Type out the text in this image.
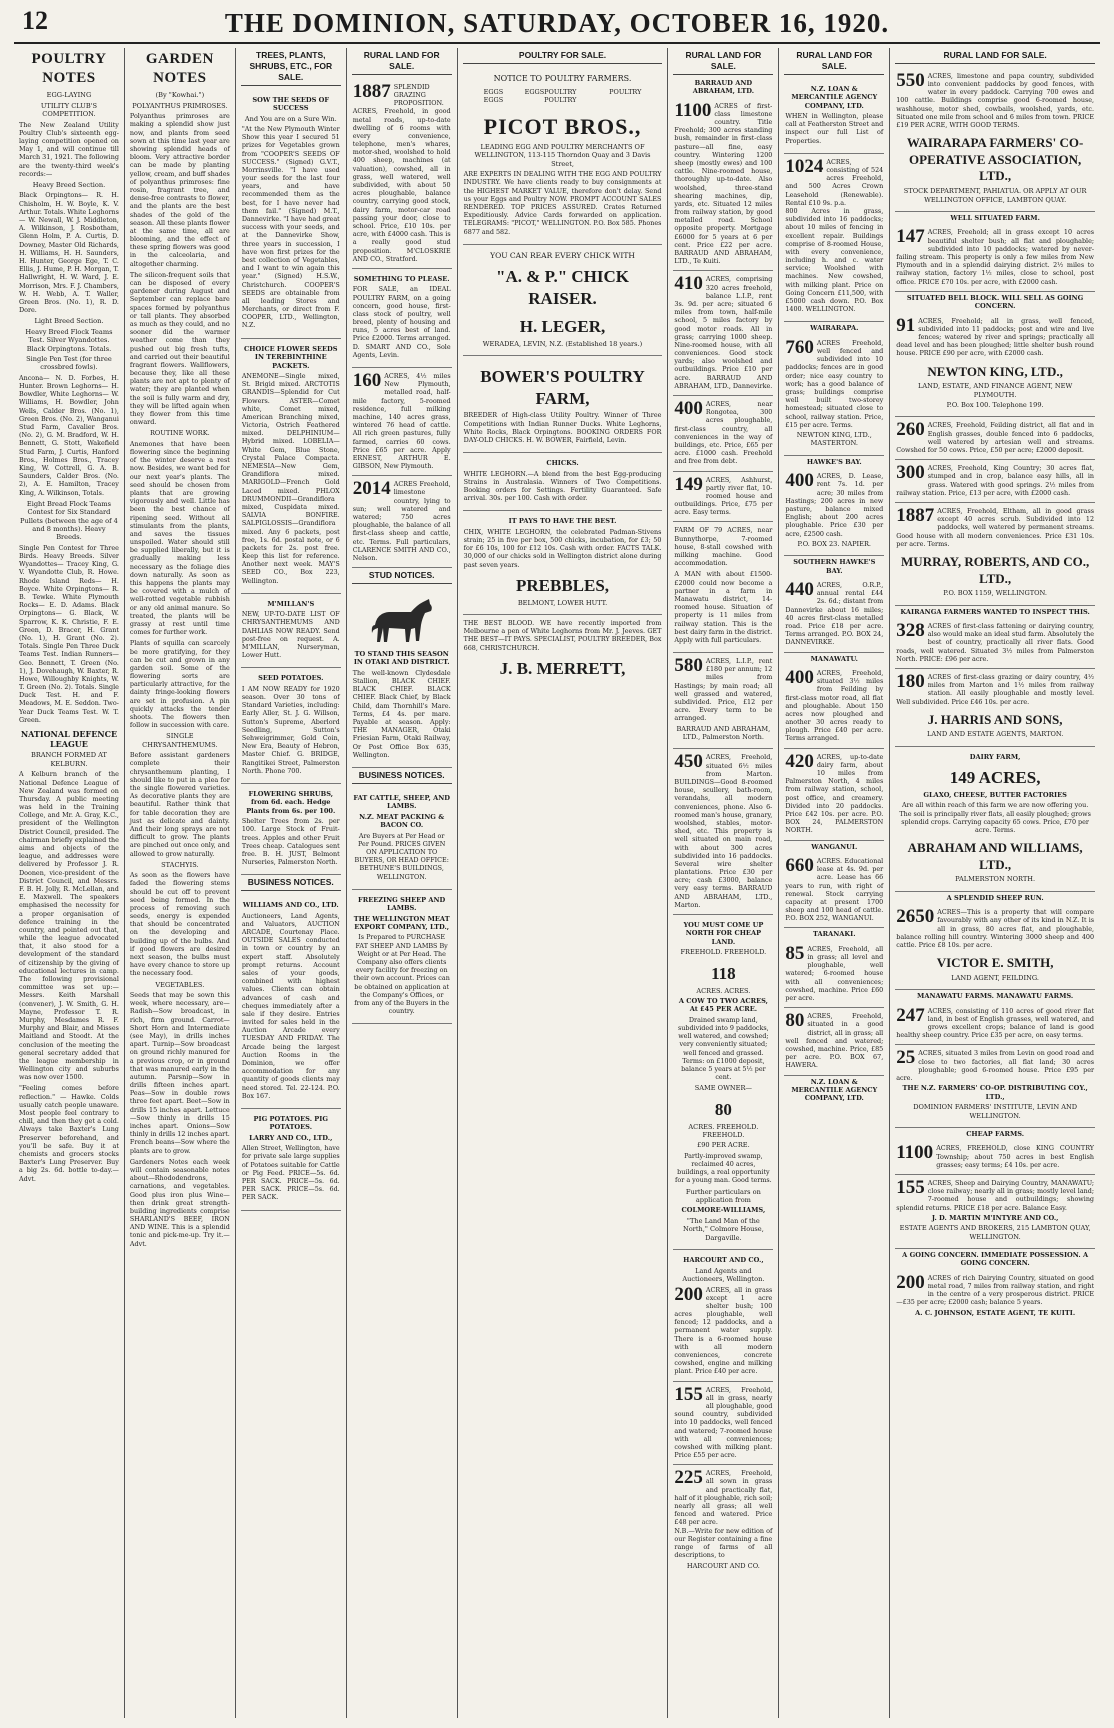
12	THE DOMINION, SATURDAY, OCTOBER 16, 1920.
POULTRY NOTES
EGG-LAYING
UTILITY CLUB'S COMPETITION.

The New Zealand Utility Poultry Club's sixteenth egg-laying competition opened on May 1, and will continue till March 31, 1921. The following are the twenty-third week's records:—

Heavy Breed Section.

Black Orpingtons— R. H. Chisholm, H. W. Boyle, K. V. Arthur. Totals. White Leghorns— W. Newall, W. J. Middleton, A. Wilkinson, J. Rosbotham, Glenn Holm, P. A. Curtis, D. Downey, Master Old Richards, H. Williams, H. H. Saunders, H. Hunter, George Ege, T. C. Ellis, J. Hume, P. H. Morgan, T. Hallwright, H. W. Ward, J. E. Morrison, Mrs. F. J. Chambers, W. H. Webb, A. T. Waller, Green Bros. (No. 1), R. D. Dore.

Light Breed Section.
Heavy Breed Flock Teams Test. Silver Wyandottes. Black Orpingtons. Totals.
Single Pen Test (for three crossbred fowls).

Ancona— N. D. Forbes, H. Hunter. Brown Leghorns— H. Bowdler, White Leghorns— W. Williams, H. Bowdler, John Wells, Calder Bros. (No. 1), Green Bros. (No. 2), Wanganui Stud Farm, Cavalier Bros. (No. 2), G. M. Bradford, W. H. Bennett, G. Stott, Wakefield Stud Farm, J. Curtis, Hanford Bros., Holmes Bros., Tracey King, W. Cottrell, G. A. B. Saunders, Calder Bros. (No. 2), A. E. Hamilton, Tracey King, A. Wilkinson, Totals.

Eight Bread Flock Teams Contest for Six Standard Pullets (between the age of 4 and 8 months). Heavy Breeds.

Single Pen Contest for Three Birds. Heavy Breeds. Silver Wyandottes— Tracey King, G. V. Wyandotte Club, R. Howe. Rhode Island Reds— H. Boyce. White Orpingtons— R. B. Tewke. White Plymouth Rocks— E. D. Adams. Black Orpingtons— G. Black, W. Sparrow, K. K. Christie, F. E. Green, D. Bracer, H. Grant (No. 1), H. Grant (No. 2). Totals. Single Pen Three Duck Teams Test. Indian Runners— Geo. Bennett, T. Green (No. 1), J. Dovehaugh, W. Baxter, R. Howe, Willoughby Knights, W. T. Green (No. 2). Totals. Single Duck Test. H. and F. Meadows, M. E. Seddon. Two-Year Duck Teams Test. W. T. Green.

NATIONAL DEFENCE LEAGUE
BRANCH FORMED AT KELBURN.

A Kelburn branch of the National Defence League of New Zealand was formed on Thursday. A public meeting was held in the Training College, and Mr. A. Gray, K.C., president of the Wellington District Council, presided. The chairman briefly explained the aims and objects of the league, and addresses were delivered by Professor J. R. Doonen, vice-president of the District Council, and Messrs. F. B. H. Jolly, R. McLellan, and E. Maxwell. The speakers emphasised the necessity for a proper organisation of defence training in the country, and pointed out that, while the league advocated that, it also stood for a development of the standard of citizenship by the giving of educational lectures in camp. The following provisional committee was set up:—Messrs. Keith Marshall (convener), J. W. Smith, G. H. Mayne, Professor T. R. Murphy, Mesdames R. F. Murphy and Blair, and Misses Maitland and Stoodt. At the conclusion of the meeting the general secretary added that the league membership in Wellington city and suburbs was now over 1500.

"Feeling comes before reflection." — Hawke. Colds usually catch people unaware. Most people feel contrary to chill, and then they get a cold. Always take Baxter's Lung Preserver beforehand, and you'll be safe. Buy it at chemists and grocers stocks Baxter's Lung Preserver. Buy a big 2s. 6d. bottle to-day.—Advt.

GARDEN NOTES
(By "Kowhai.")
POLYANTHUS PRIMROSES.

Polyanthus primroses are making a splendid show just now, and plants from seed sown at this time last year are showing splendid heads of bloom. Very attractive border can be made by planting yellow, cream, and buff shades of polyanthus primroses: fine rosin, fragrant tree, and dense-free contrasts to flower, and the plants are the best shades of the gold of the season. All these plants flower at the same time, all are blooming, and the effect of these spring flowers was good in the calceolaria, and altogether charming.

The silicon-frequent soils that can be disposed of every gardener during August and September can replace bare spaces formed by polyanthus or tall plants. They absorbed as much as they could, and no sooner did the warmer weather come than they pushed out big fresh tufts, and carried out their beautiful fragrant flowers. Wallflowers, because they, like all these plants are not apt to plenty of water; they are planted when the soil is fully warm and dry, they will be lifted again when they flower from this time onward.

ROUTINE WORK.

Anemones that have been flowering since the beginning of the winter deserve a rest now. Besides, we want bed for our next year's plants. The seed should be chosen from plants that are growing vigorously and well. Little has been the best chance of ripening seed. Without all stimulants from the plants, and saves the tissues unspoiled. Water should still be supplied liberally, but it is gradually making less necessary as the foliage dies down naturally. As soon as this happens the plants may be covered with a mulch of well-rotted vegetable rubbish or any old animal manure. So treated, the plants will be grassy at rest until time comes for further work.

Plants of squilla can scarcely be more gratifying, for they can be cut and grown in any garden soil. Some of the flowering sorts are particularly attractive, for the dainty fringe-looking flowers are set in profusion. A pin quickly attacks the tender shoots. The flowers then follow in succession with care.

SINGLE CHRYSANTHEMUMS.

Before assistant gardeners complete their chrysanthemum planting, I should like to put in a plea for the single flowered varieties. As decorative plants they are beautiful. Rather think that for table decoration they are just as delicate and dainty. And their long sprays are not difficult to grow. The plants are pinched out once only, and allowed to grow naturally.

STACHYIS.

As soon as the flowers have faded the flowering stems should be cut off to prevent seed being formed. In the process of removing such seeds, energy is expended that should be concentrated on the developing and building up of the bulbs. And if good flowers are desired next season, the bulbs must have every chance to store up the necessary food.

VEGETABLES.

Seeds that may be sown this week, where necessary, are— Radish—Sow broadcast, in rich, firm ground. Carrot—Short Horn and Intermediate (see May), in drills inches apart. Turnip—Sow broadcast on ground richly manured for a previous crop, or in ground that was manured early in the autumn. Parsnip—Sow in drills fifteen inches apart. Peas—Sow in double rows three feet apart. Beet—Sow in drills 15 inches apart. Lettuce—Sow thinly in drills 15 inches apart. Onions—Sow thinly in drills 12 inches apart. French beans—Sow where the plants are to grow.

Gardeners Notes each week will contain seasonable notes about—Rhododendrons, carnations, and vegetables. Good plus iron plus Wine—then drink great strength-building ingredients comprise SHARLAND'S BEEF, IRON AND WINE. This is a splendid tonic and pick-me-up. Try it.—Advt.

TREES, PLANTS, SHRUBS, ETC., FOR SALE.
SOW THE SEEDS OF SUCCESS
And You are on a Sure Win.

"At the New Plymouth Winter Show this year I secured 51 prizes for Vegetables grown from "COOPER'S SEEDS OF SUCCESS." (Signed) G.V.T., Morrinsville. "I have used your seeds for the last four years, and have recommended them as the best, for I have never had them fail." (Signed) M.T., Dannevirke. "I have had great success with your seeds, and at the Dannevirke Show, three years in succession, I have won first prizes for the best collection of Vegetables, and I want to win again this year." (Signed) H.S.W., Christchurch. COOPER'S SEEDS are obtainable from all leading Stores and Merchants, or direct from F. COOPER, LTD., Wellington, N.Z.

CHOICE FLOWER SEEDS IN TEREBINTHINE PACKETS.

ANEMONE—Single mixed, St. Brigid mixed. ARCTOTIS GRANDIS—Splendid for Cut Flowers. ASTER—Comet white, Comet mixed, American Branching mixed, Victoria, Ostrich Feathered mixed. DELPHINIUM—Hybrid mixed. LOBELIA—White Gem, Blue Stone, Crystal Palace Compacta. NEMESIA—New Gem, Grandiflora mixed. MARIGOLD—French Gold Laced mixed. PHLOX DRUMMONDII—Grandiflora mixed, Cuspidata mixed. SALVIA BONFIRE. SALPIGLOSSIS—Grandiflora mixed. Any 6 packets, post free, 1s. 6d. postal note, or 6 packets for 2s. post free. Keep this list for reference. Another next week. MAY'S SEED CO., Box 223, Wellington.

M'MILLAN'S

NEW, UP-TO-DATE LIST OF CHRYSANTHEMUMS AND DAHLIAS NOW READY. Send post-free on request. A. M'MILLAN, Nurseryman, Lower Hutt.

SEED POTATOES.

I AM NOW READY for 1920 season. Over 30 tons of Standard Varieties, including: Early Aller, St. J. G. Willson, Sutton's Supreme, Aberlord Seedling, Sutton's Sehweigrimmer, Gold Coin, New Era, Beauty of Hebron, Master Chief. G. BRIDGE, Rangitikei Street, Palmerston North. Phone 700.

FLOWERING SHRUBS, from 6d. each. Hedge Plants from 6s. per 100.

Shelter Trees from 2s. per 100. Large Stock of Fruit-trees. Apples and other Fruit Trees cheap. Catalogues sent free. B. H. JUST, Belmont Nurseries, Palmerston North.

BUSINESS NOTICES.
WILLIAMS AND CO., LTD.

Auctioneers, Land Agents, and Valuators, AUCTION ARCADE, Courtenay Place. OUTSIDE SALES conducted in town or country by an expert staff. Absolutely prompt returns. Account sales of your goods, combined with highest values. Clients can obtain advances of cash and cheques immediately after a sale if they desire. Entries invited for sales held in the Auction Arcade every TUESDAY AND FRIDAY. The Arcade being the largest Auction Rooms in the Dominion, we offer accommodation for any quantity of goods clients may need stored. Tel. 22-124. P.O. Box 167.

PIG POTATOES. PIG POTATOES.
LARRY AND CO., LTD.,

Allen Street, Wellington, have for private sale large supplies of Potatoes suitable for Cattle or Pig Feed. PRICE—5s. 6d. PER SACK. PRICE—5s. 6d. PER SACK. PRICE—5s. 6d. PER SACK.

RURAL LAND FOR SALE.
1887 SPLENDID GRAZING PROPOSITION. ACRES, Freehold, in good metal roads, up-to-date dwelling of 6 rooms with every convenience, telephone, men's whares, motor-shed, woolshed to hold 400 sheep, machines (at valuation), cowshed, all in grass, well watered, well subdivided, with about 50 acres ploughable, balance country, carrying good stock, dairy farm, motor-car road passing your door, close to school. Price, £10 10s. per acre, with £4000 cash. This is a really good stud proposition. M'CLOSKRIE AND CO., Stratford.
SOMETHING TO PLEASE.

FOR SALE, an IDEAL POULTRY FARM, on a going concern, good house, first-class stock of poultry, well breed, plenty of housing and runs, 5 acres best of land. Price £2000. Terms arranged. D. SMART AND CO., Sole Agents, Levin.

160 ACRES, 4½ miles New Plymouth, metalled road, half-mile factory, 5-roomed residence, full milking machine, 140 acres grass, wintered 76 head of cattle. All rich green pastures, fully farmed, carries 60 cows. Price £65 per acre. Apply ERNEST, ARTHUR E. GIBSON, New Plymouth.
2014 ACRES Freehold, limestone country, lying to sun; well watered and watered; 750 acres ploughable, the balance of all first-class sheep and cattle, etc. Terms. Full particulars, CLARENCE SMITH AND CO., Nelson.
STUD NOTICES.
TO STAND THIS SEASON IN OTAKI AND DISTRICT.

The well-known Clydesdale Stallion, BLACK CHIEF. BLACK CHIEF. BLACK CHIEF. Black Chief, by Black Child, dam Thornhill's Mare. Terms, £4 4s. per mare. Payable at season. Apply: THE MANAGER, Otaki Friesian Farm, Otaki Railway, Or Post Office Box 635, Wellington.

BUSINESS NOTICES.
FAT CATTLE, SHEEP, AND LAMBS.
N.Z. MEAT PACKING & BACON CO.

Are Buyers at Per Head or Per Pound. PRICES GIVEN ON APPLICATION TO BUYERS, OR HEAD OFFICE: BETHUNE'S BUILDINGS, WELLINGTON.

FREEZING SHEEP AND LAMBS.
THE WELLINGTON MEAT EXPORT COMPANY, LTD.,

Is Prepared to PURCHASE FAT SHEEP AND LAMBS By Weight or at Per Head. The Company also offers clients every facility for freezing on their own account. Prices can be obtained on application at the Company's Offices, or from any of the Buyers in the country.

POULTRY FOR SALE.
NOTICE TO POULTRY FARMERS.
EGGS EGGS EGGS
POULTRY POULTRY POULTRY
PICOT BROS.,
LEADING EGG AND POULTRY MERCHANTS OF WELLINGTON, 113-115 Thorndon Quay and 3 Davis Street,

ARE EXPERTS IN DEALING WITH THE EGG AND POULTRY INDUSTRY. We have clients ready to buy consignments at the HIGHEST MARKET VALUE, therefore don't delay. Send us your Eggs and Poultry NOW. PROMPT ACCOUNT SALES RENDERED. TOP PRICES ASSURED. Crates Returned Expeditiously. Advice Cards forwarded on application. TELEGRAMS: "PICOT," WELLINGTON. P.O. Box 585. Phones 6877 and 582.

YOU CAN REAR EVERY CHICK WITH
"A. & P." CHICK RAISER.
H. LEGER,
WERADEA, LEVIN, N.Z. (Established 18 years.)
BOWER'S POULTRY FARM,

BREEDER of High-class Utility Poultry. Winner of Three Competitions with Indian Runner Ducks. White Leghorns, White Rocks, Black Orpingtons. BOOKING ORDERS FOR DAY-OLD CHICKS. H. W. BOWER, Fairfield, Levin.

CHICKS.

WHITE LEGHORN.—A blend from the best Egg-producing Strains in Australasia. Winners of Two Competitions. Booking orders for Settings. Fertility Guaranteed. Safe arrival. 30s. per 100. Cash with order.

IT PAYS TO HAVE THE BEST.

CHIX, WHITE LEGHORN, the celebrated Padman-Stivens strain; 25 in five per box, 500 chicks, incubation, for £3; 50 for £6 10s, 100 for £12 10s. Cash with order. FACTS TALK. 30,000 of our chicks sold in Wellington district alone during past seven years.

PREBBLES,
BELMONT, LOWER HUTT.

THE BEST BLOOD. WE have recently imported from Melbourne a pen of White Leghorns from Mr. J. Jeeves. GET THE BEST—IT PAYS. SPECIALIST, POULTRY BREEDER, Box 668, CHRISTCHURCH.

J. B. MERRETT,
RURAL LAND FOR SALE.
BARRAUD AND ABRAHAM, LTD.
1100 ACRES of first-class limestone country. Title Freehold; 300 acres standing bush, remainder in first-class pasture—all fine, easy country. Wintering 1200 sheep (mostly ewes) and 100 cattle. Nine-roomed house, thoroughly up-to-date. Also woolshed, three-stand shearing machines, dip, yards, etc. Situated 12 miles from railway station, by good metalled road. School opposite property. Mortgage £6000 for 5 years at 6 per cent. Price £22 per acre. BARRAUD AND ABRAHAM, LTD., Te Kuiti.
410 ACRES, comprising 320 acres freehold, balance L.I.P., rent 3s. 9d. per acre; situated 6 miles from town, half-mile school, 5 miles factory by good motor roads. All in grass; carrying 1000 sheep. Nine-roomed house, with all conveniences. Good stock yards; also woolshed and outbuildings. Price £10 per acre. BARRAUD AND ABRAHAM, LTD., Dannevirke.
400 ACRES, near Rongotea, 300 acres ploughable, first-class country, all conveniences in the way of buildings, etc. Price, £65 per acre. £1000 cash. Freehold and free from debt.
149 ACRES, Ashhurst, partly river flat, 10-roomed house and outbuildings. Price, £75 per acre. Easy terms.

FARM OF 79 ACRES, near Bunnythorpe, 7-roomed house, 8-stall cowshed with milking machine. Good accommodation.

A MAN with about £1500-£2000 could now become a partner in a farm in Manawatu district, 14-roomed house. Situation of property is 11 miles from railway station. This is the best dairy farm in the district. Apply with full particulars.

580 ACRES, L.I.P., rent £180 per annum; 12 miles from Hastings; by main road; all well grassed and watered, subdivided. Price, £12 per acre. Every term to be arranged.
BARRAUD AND ABRAHAM, LTD., Palmerston North.
450 ACRES, Freehold, situated 6½ miles from Marton. BUILDINGS—Good 8-roomed house, scullery, bath-room, verandahs, all modern conveniences, phone. Also 6-roomed man's house, granary, woolshed, stables, motor-shed, etc. This property is well situated on main road, with about 300 acres subdivided into 16 paddocks. Several wire shelter plantations. Price £30 per acre; cash £3000, balance very easy terms. BARRAUD AND ABRAHAM, LTD., Marton.
YOU MUST COME UP NORTH FOR CHEAP LAND.
FREEHOLD. FREEHOLD.
118
ACRES. ACRES.
A COW TO TWO ACRES, At £45 PER ACRE.

Drained swamp land, subdivided into 9 paddocks, well watered, and cowshed; very conveniently situated; well fenced and grassed. Terms: on £1000 deposit, balance 5 years at 5½ per cent.

SAME OWNER—
80
ACRES. FREEHOLD. FREEHOLD.
£90 PER ACRE.

Partly-improved swamp, reclaimed 40 acres, buildings, a real opportunity for a young man. Good terms.

Further particulars on application from
COLMORE-WILLIAMS,
"The Land Man of the North," Colmore House, Dargaville.
HARCOURT AND CO.,
Land Agents and Auctioneers, Wellington.
200 ACRES, all in grass except 1 acre shelter bush; 100 acres ploughable, well fenced; 12 paddocks, and a permanent water supply. There is a 6-roomed house with all modern conveniences, concrete cowshed, engine and milking plant. Price £40 per acre.
155 ACRES, Freehold, all in grass, nearly all ploughable, good sound country, subdivided into 10 paddocks, well fenced and watered; 7-roomed house with all conveniences; cowshed with milking plant. Price £55 per acre.
225 ACRES, Freehold, all sown in grass and practically flat, half of it ploughable, rich soil; nearly all grass; all well fenced and watered. Price £48 per acre.

N.B.—Write for new edition of our Register containing a fine range of farms of all descriptions, to

HARCOURT AND CO.
RURAL LAND FOR SALE.
N.Z. LOAN & MERCANTILE AGENCY COMPANY, LTD.

WHEN in Wellington, please call at Featherston Street and inspect our full List of Properties.

1024 ACRES, consisting of 524 acres Freehold, and 500 Acres Crown Leasehold (Renewable). Rental £10 9s. p.a.

800 Acres in grass, subdivided into 16 paddocks; about 10 miles of fencing in excellent repair. Buildings comprise of 8-roomed House, with every convenience, including h. and c. water service; Woolshed with machines. New cowshed, with milking plant. Price on Going Concern £11,500, with £5000 cash down. P.O. Box 1400. WELLINGTON.

WAIRARAPA.
760 ACRES Freehold, well fenced and subdivided into 10 paddocks; fences are in good order; nice easy country to work; has a good balance of grass; buildings comprise well built two-storey homestead; situated close to school, railway station. Price, £15 per acre. Terms.
NEWTON KING, LTD., MASTERTON.
HAWKE'S BAY.
400 ACRES, D. Lease, rent 7s. 1d. per acre; 30 miles from Hastings; 200 acres in new pasture, balance mixed English; about 200 acres ploughable. Price £30 per acre, £2500 cash.
P.O. BOX 23. NAPIER.
SOUTHERN HAWKE'S BAY.
440 ACRES, O.R.P., annual rental £44 2s. 6d.; distant from Dannevirke about 16 miles; 40 acres first-class metalled road. Price £18 per acre. Terms arranged. P.O. BOX 24, DANNEVIRKE.
MANAWATU.
400 ACRES, Freehold, situated 3½ miles from Feilding by first-class motor road, all flat and ploughable. About 150 acres now ploughed and another 30 acres ready to plough. Price £40 per acre. Terms arranged.
420 ACRES, up-to-date dairy farm, about 10 miles from Palmerston North, 4 miles from railway station, school, post office, and creamery. Divided into 20 paddocks. Price £42 10s. per acre. P.O. BOX 24, PALMERSTON NORTH.
WANGANUI.
660 ACRES. Educational lease at 4s. 9d. per acre. Lease has 66 years to run, with right of renewal. Stock carrying capacity at present 1700 sheep and 100 head of cattle. P.O. BOX 252, WANGANUI.
TARANAKI.
85 ACRES, Freehold, all in grass; all level and ploughable, well watered; 6-roomed house with all conveniences; cowshed, machine. Price £60 per acre.
80 ACRES, Freehold, situated in a good district, all in grass; all well fenced and watered; cowshed, machine. Price, £85 per acre. P.O. BOX 67, HAWERA.
N.Z. LOAN & MERCANTILE AGENCY COMPANY, LTD.
RURAL LAND FOR SALE.
550 ACRES, limestone and papa country, subdivided into convenient paddocks by good fences, with water in every paddock. Carrying 700 ewes and 100 cattle. Buildings comprise good 6-roomed house, washhouse, motor shed, cowbails, woolshed, yards, etc. Situated one mile from school and 6 miles from town. PRICE £19 PER ACRE, WITH GOOD TERMS.
WAIRARAPA FARMERS' CO-OPERATIVE ASSOCIATION, LTD.,
STOCK DEPARTMENT, PAHIATUA. OR APPLY AT OUR WELLINGTON OFFICE, LAMBTON QUAY.
WELL SITUATED FARM.
147 ACRES, Freehold; all in grass except 10 acres beautiful shelter bush; all flat and ploughable; subdivided into 10 paddocks; watered by never-failing stream. This property is only a few miles from New Plymouth and in a splendid dairying district. 2½ miles to railway station, factory 1½ miles, close to school, post office. PRICE £70 10s. per acre, with £2000 cash.
SITUATED BELL BLOCK. WILL SELL AS GOING CONCERN.
91 ACRES, Freehold; all in grass, well fenced, subdivided into 11 paddocks; post and wire and live fences; watered by river and springs; practically all dead level and has been ploughed; little shelter bush round house. PRICE £90 per acre, with £2000 cash.
NEWTON KING, LTD.,
LAND, ESTATE, AND FINANCE AGENT, NEW PLYMOUTH.
P.O. Box 100. Telephone 199.
260 ACRES, Freehold, Feilding district, all flat and in English grasses, double fenced into 6 paddocks, well watered by artesian well and streams. Cowshed for 50 cows. Price, £50 per acre; £2000 deposit.
300 ACRES, Freehold, King Country; 30 acres flat, stumped and in crop, balance easy hills, all in grass. Watered with good springs. 2½ miles from railway station. Price, £13 per acre, with £2000 cash.
1887 ACRES, Freehold, Eltham, all in good grass except 40 acres scrub. Subdivided into 12 paddocks, well watered by permanent streams. Good house with all modern conveniences. Price £31 10s. per acre. Terms.
MURRAY, ROBERTS, AND CO., LTD.,
P.O. BOX 1159, WELLINGTON.
KAIRANGA FARMERS WANTED TO INSPECT THIS.
328 ACRES of first-class fattening or dairying country, also would make an ideal stud farm. Absolutely the best of country, practically all river flats. Good roads, well watered. Situated 3½ miles from Palmerston North. PRICE: £96 per acre.
180 ACRES of first-class grazing or dairy country, 4½ miles from Marton and 1½ miles from railway station. All easily ploughable and mostly level. Well subdivided. Price £46 10s. per acre.
J. HARRIS AND SONS,
LAND AND ESTATE AGENTS, MARTON.
DAIRY FARM,
149 ACRES,
GLAXO, CHEESE, BUTTER FACTORIES

Are all within reach of this farm we are now offering you. The soil is principally river flats, all easily ploughed; grows splendid crops. Carrying capacity 65 cows. Price, £70 per acre. Terms.

ABRAHAM AND WILLIAMS, LTD.,
PALMERSTON NORTH.
A SPLENDID SHEEP RUN.
2650 ACRES—This is a property that will compare favourably with any other of its kind in N.Z. It is all in grass, 80 acres flat, and ploughable, balance rolling hill country. Wintering 3000 sheep and 400 cattle. Price £8 10s. per acre.
VICTOR E. SMITH,
LAND AGENT, FEILDING.
MANAWATU FARMS. MANAWATU FARMS.
247 ACRES, consisting of 110 acres of good river flat land, in best of English grasses, well watered, and grows excellent crops; balance of land is good healthy sheep country. Price £35 per acre, on easy terms.
25 ACRES, situated 3 miles from Levin on good road and close to two factories, all flat land; 30 acres ploughable; good 6-roomed house. Price £95 per acre.
THE N.Z. FARMERS' CO-OP. DISTRIBUTING COY., LTD.,
DOMINION FARMERS' INSTITUTE, LEVIN AND WELLINGTON.
CHEAP FARMS.
1100 ACRES, FREEHOLD, close KING COUNTRY Township; about 750 acres in best English grasses; easy terms; £4 10s. per acre.
155 ACRES, Sheep and Dairying Country, MANAWATU; close railway; nearly all in grass; mostly level land; 7-roomed house and outbuildings; showing splendid returns. PRICE £18 per acre. Balance Easy.
J. D. MARTIN M'INTYRE AND CO.,
ESTATE AGENTS AND BROKERS, 215 LAMBTON QUAY, WELLINGTON.
A GOING CONCERN. IMMEDIATE POSSESSION. A GOING CONCERN.
200 ACRES of rich Dairying Country, situated on good metal road, 7 miles from railway station, and right in the centre of a very prosperous district. PRICE—£35 per acre; £2000 cash; balance 5 years.
A. C. JOHNSON, ESTATE AGENT, TE KUITI.
